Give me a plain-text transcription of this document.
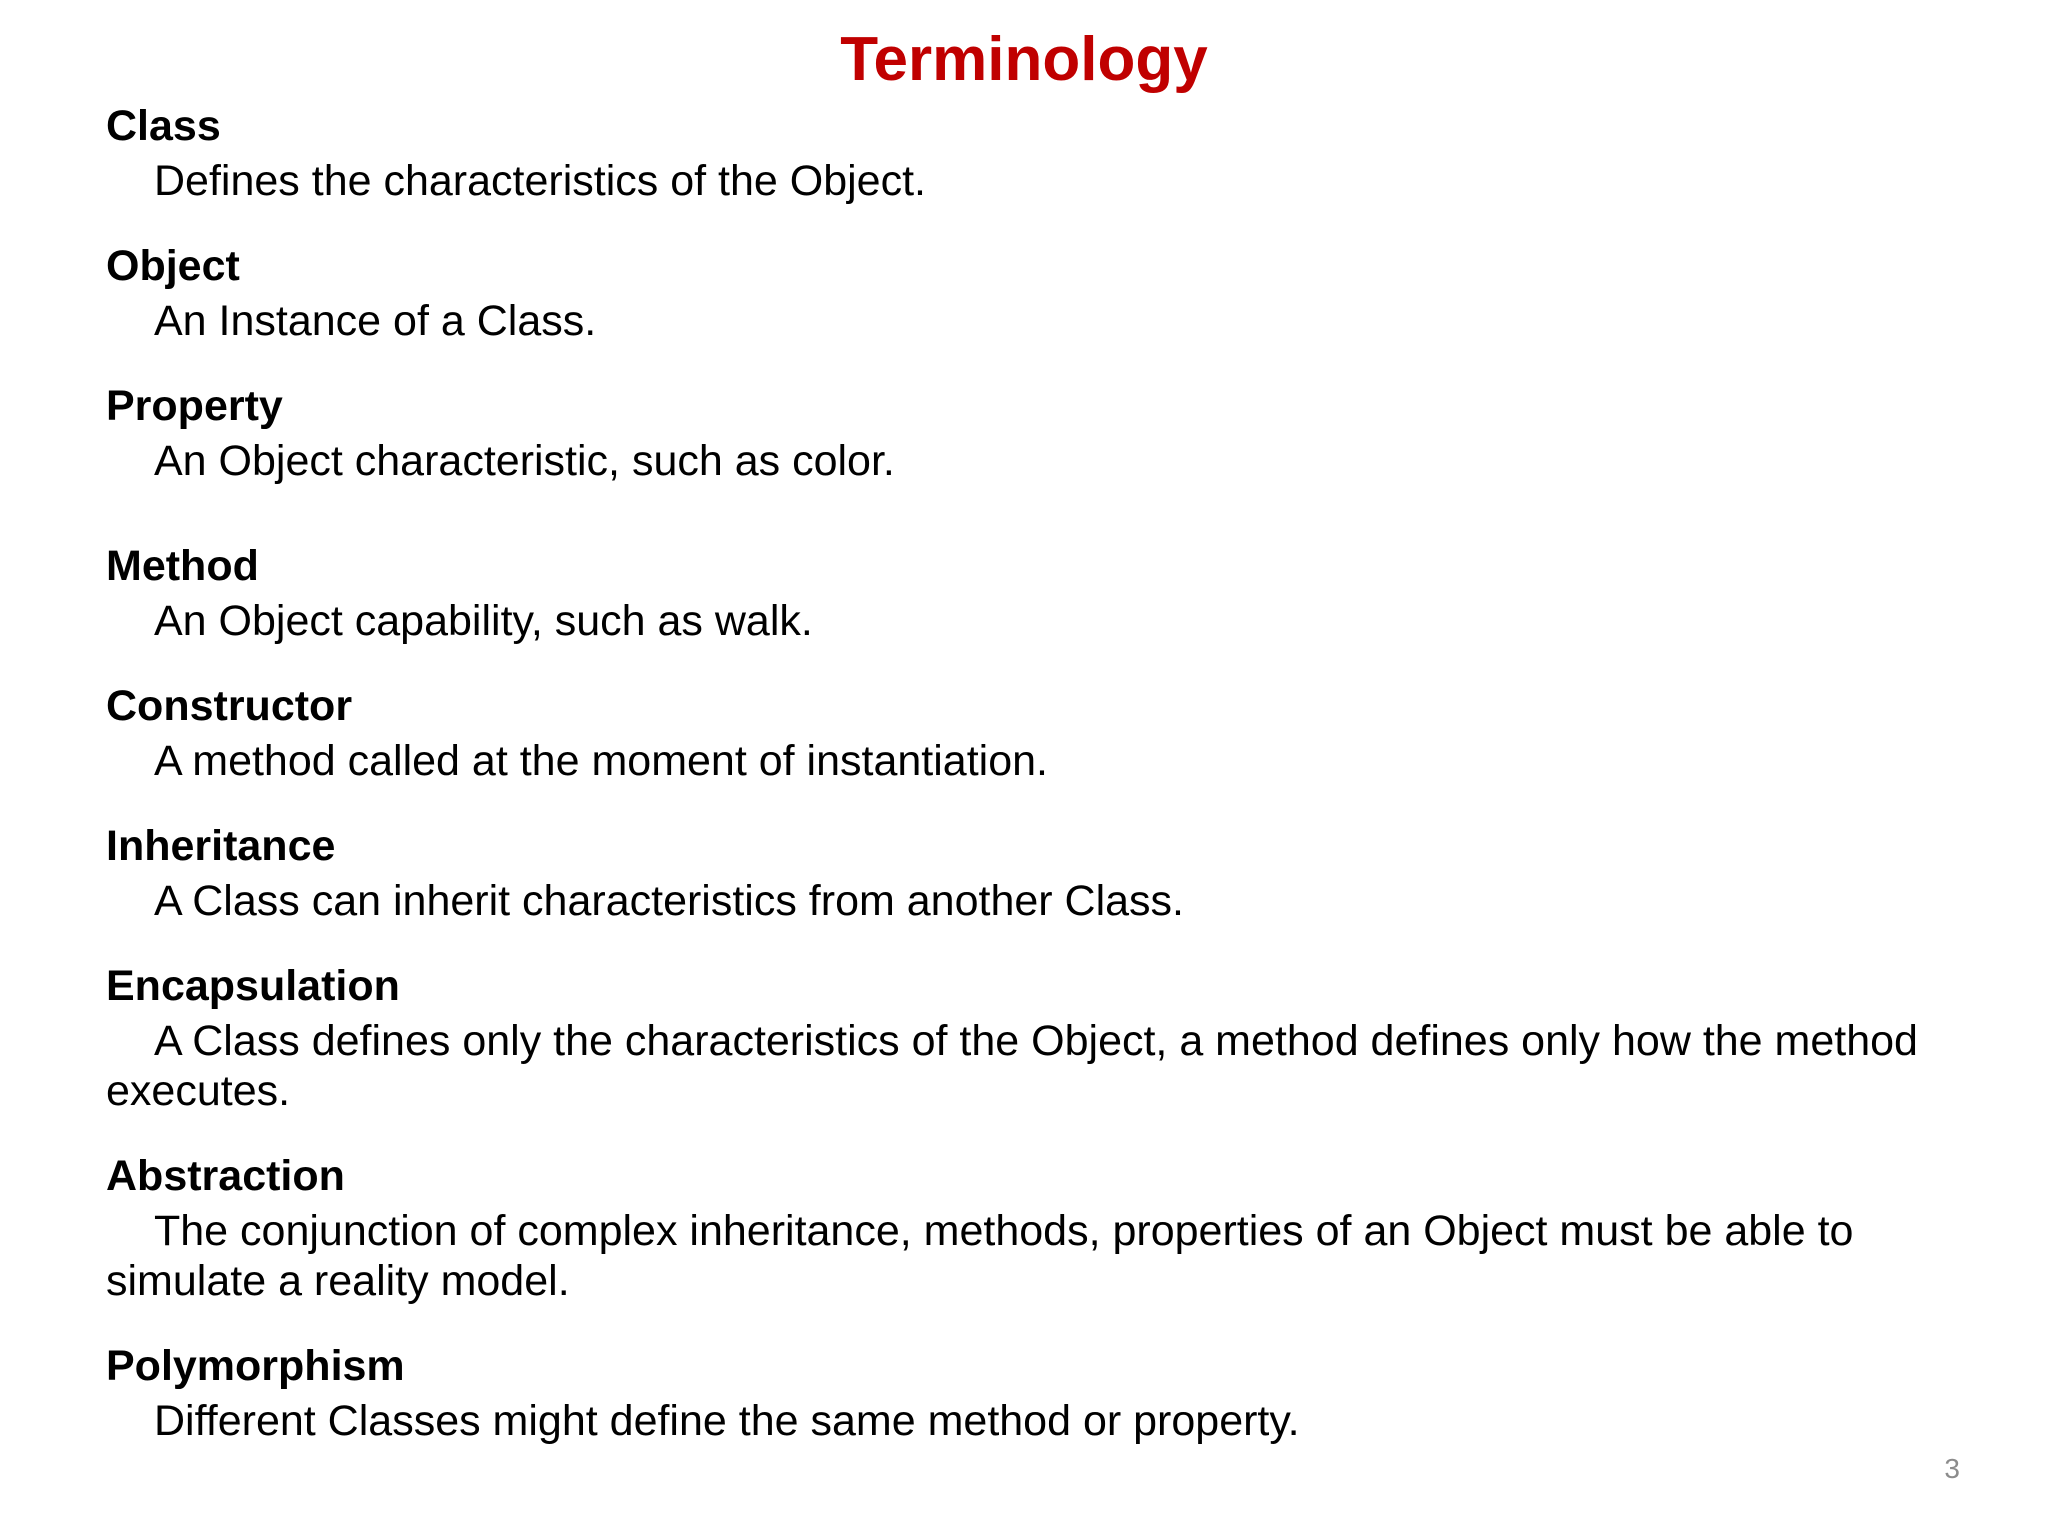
Terminology

Class

Defines the characteristics of the Object.

Object

An Instance of a Class.

Property

An Object characteristic, such as color.

Method

An Object capability, such as walk.

Constructor

A method called at the moment of instantiation.

Inheritance

A Class can inherit characteristics from another Class.

Encapsulation

A Class defines only the characteristics of the Object, a method defines only how the method executes.

Abstraction

The conjunction of complex inheritance, methods, properties of an Object must be able to simulate a reality model.

Polymorphism

Different Classes might define the same method or property.

3
